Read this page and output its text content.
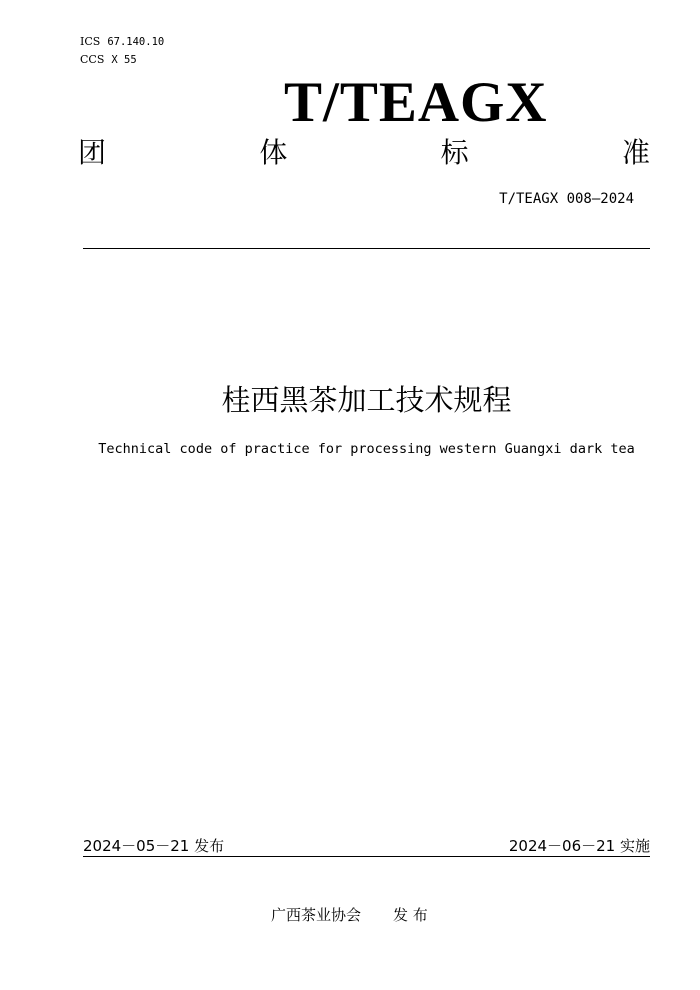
ICS 67.140.10
CCS X 55
T/TEAGX
团	体	标	准
T/TEAGX 008—2024
桂西黑茶加工技术规程
Technical code of practice for processing western Guangxi dark tea
2024－05－21 发布	2024－06－21 实施
广西茶业协会 发 布
